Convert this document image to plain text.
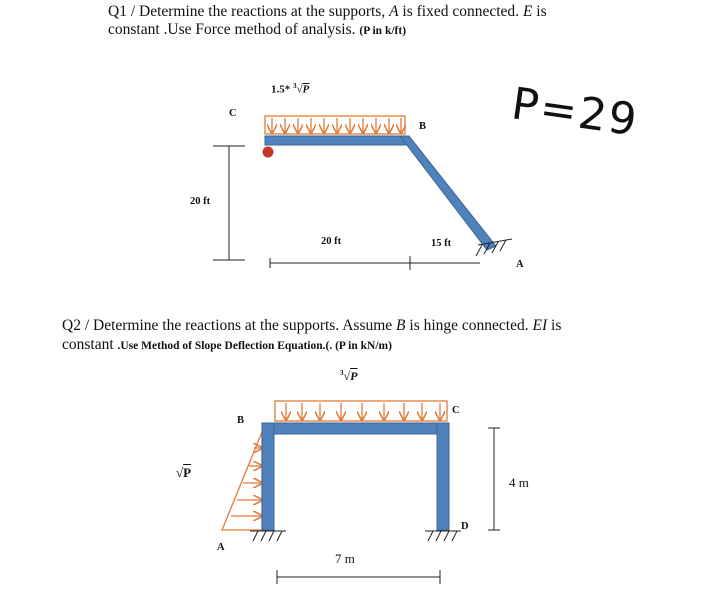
Q1 / Determine the reactions at the supports, A is fixed connected. E is
constant .Use Force method of analysis. (P in k/ft)
1.5* $^3$√P
C
B
A
20 ft
20 ft	15 ft
P=29
Q2 / Determine the reactions at the supports. Assume B is hinge connected. EI is
constant .Use Method of Slope Deflection Equation.(. (P in kN/m)
$^3$√P
√P
B
C
A
D
4 m
7 m
